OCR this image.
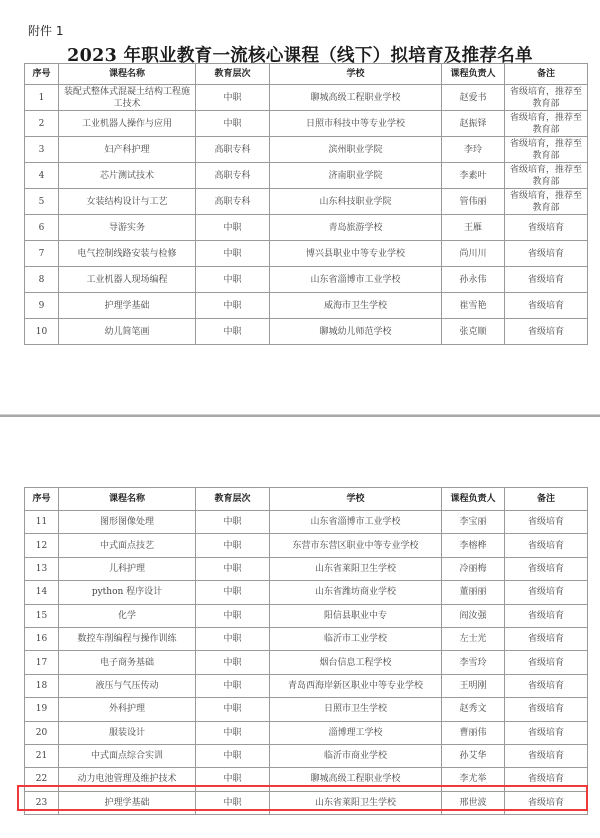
附件 1
2023 年职业教育一流核心课程（线下）拟培育及推荐名单
序号	课程名称	教育层次	学校	课程负责人	备注
1	装配式整体式混凝土结构工程施工技术	中职	聊城高级工程职业学校	赵爱书	省级培育，推荐至教育部
2	工业机器人操作与应用	中职	日照市科技中等专业学校	赵振铎	省级培育，推荐至教育部
3	妇产科护理	高职专科	滨州职业学院	李玲	省级培育，推荐至教育部
4	芯片测试技术	高职专科	济南职业学院	李素叶	省级培育，推荐至教育部
5	女装结构设计与工艺	高职专科	山东科技职业学院	管伟丽	省级培育，推荐至教育部
6	导游实务	中职	青岛旅游学校	王雁	省级培育
7	电气控制线路安装与检修	中职	博兴县职业中等专业学校	尚川川	省级培育
8	工业机器人现场编程	中职	山东省淄博市工业学校	孙永伟	省级培育
9	护理学基础	中职	威海市卫生学校	崔雪艳	省级培育
10	幼儿简笔画	中职	聊城幼儿师范学校	张克顺	省级培育
序号	课程名称	教育层次	学校	课程负责人	备注
11	图形图像处理	中职	山东省淄博市工业学校	李宝丽	省级培育
12	中式面点技艺	中职	东营市东营区职业中等专业学校	李榕桦	省级培育
13	儿科护理	中职	山东省莱阳卫生学校	冷丽梅	省级培育
14	python 程序设计	中职	山东省潍坊商业学校	董丽丽	省级培育
15	化学	中职	阳信县职业中专	阎汝强	省级培育
16	数控车削编程与操作训练	中职	临沂市工业学校	左士光	省级培育
17	电子商务基础	中职	烟台信息工程学校	李雪玲	省级培育
18	液压与气压传动	中职	青岛西海岸新区职业中等专业学校	王明刚	省级培育
19	外科护理	中职	日照市卫生学校	赵秀文	省级培育
20	服装设计	中职	淄博理工学校	曹丽伟	省级培育
21	中式面点综合实训	中职	临沂市商业学校	孙艾华	省级培育
22	动力电池管理及维护技术	中职	聊城高级工程职业学校	李尤举	省级培育
23	护理学基础	中职	山东省莱阳卫生学校	邢世波	省级培育
